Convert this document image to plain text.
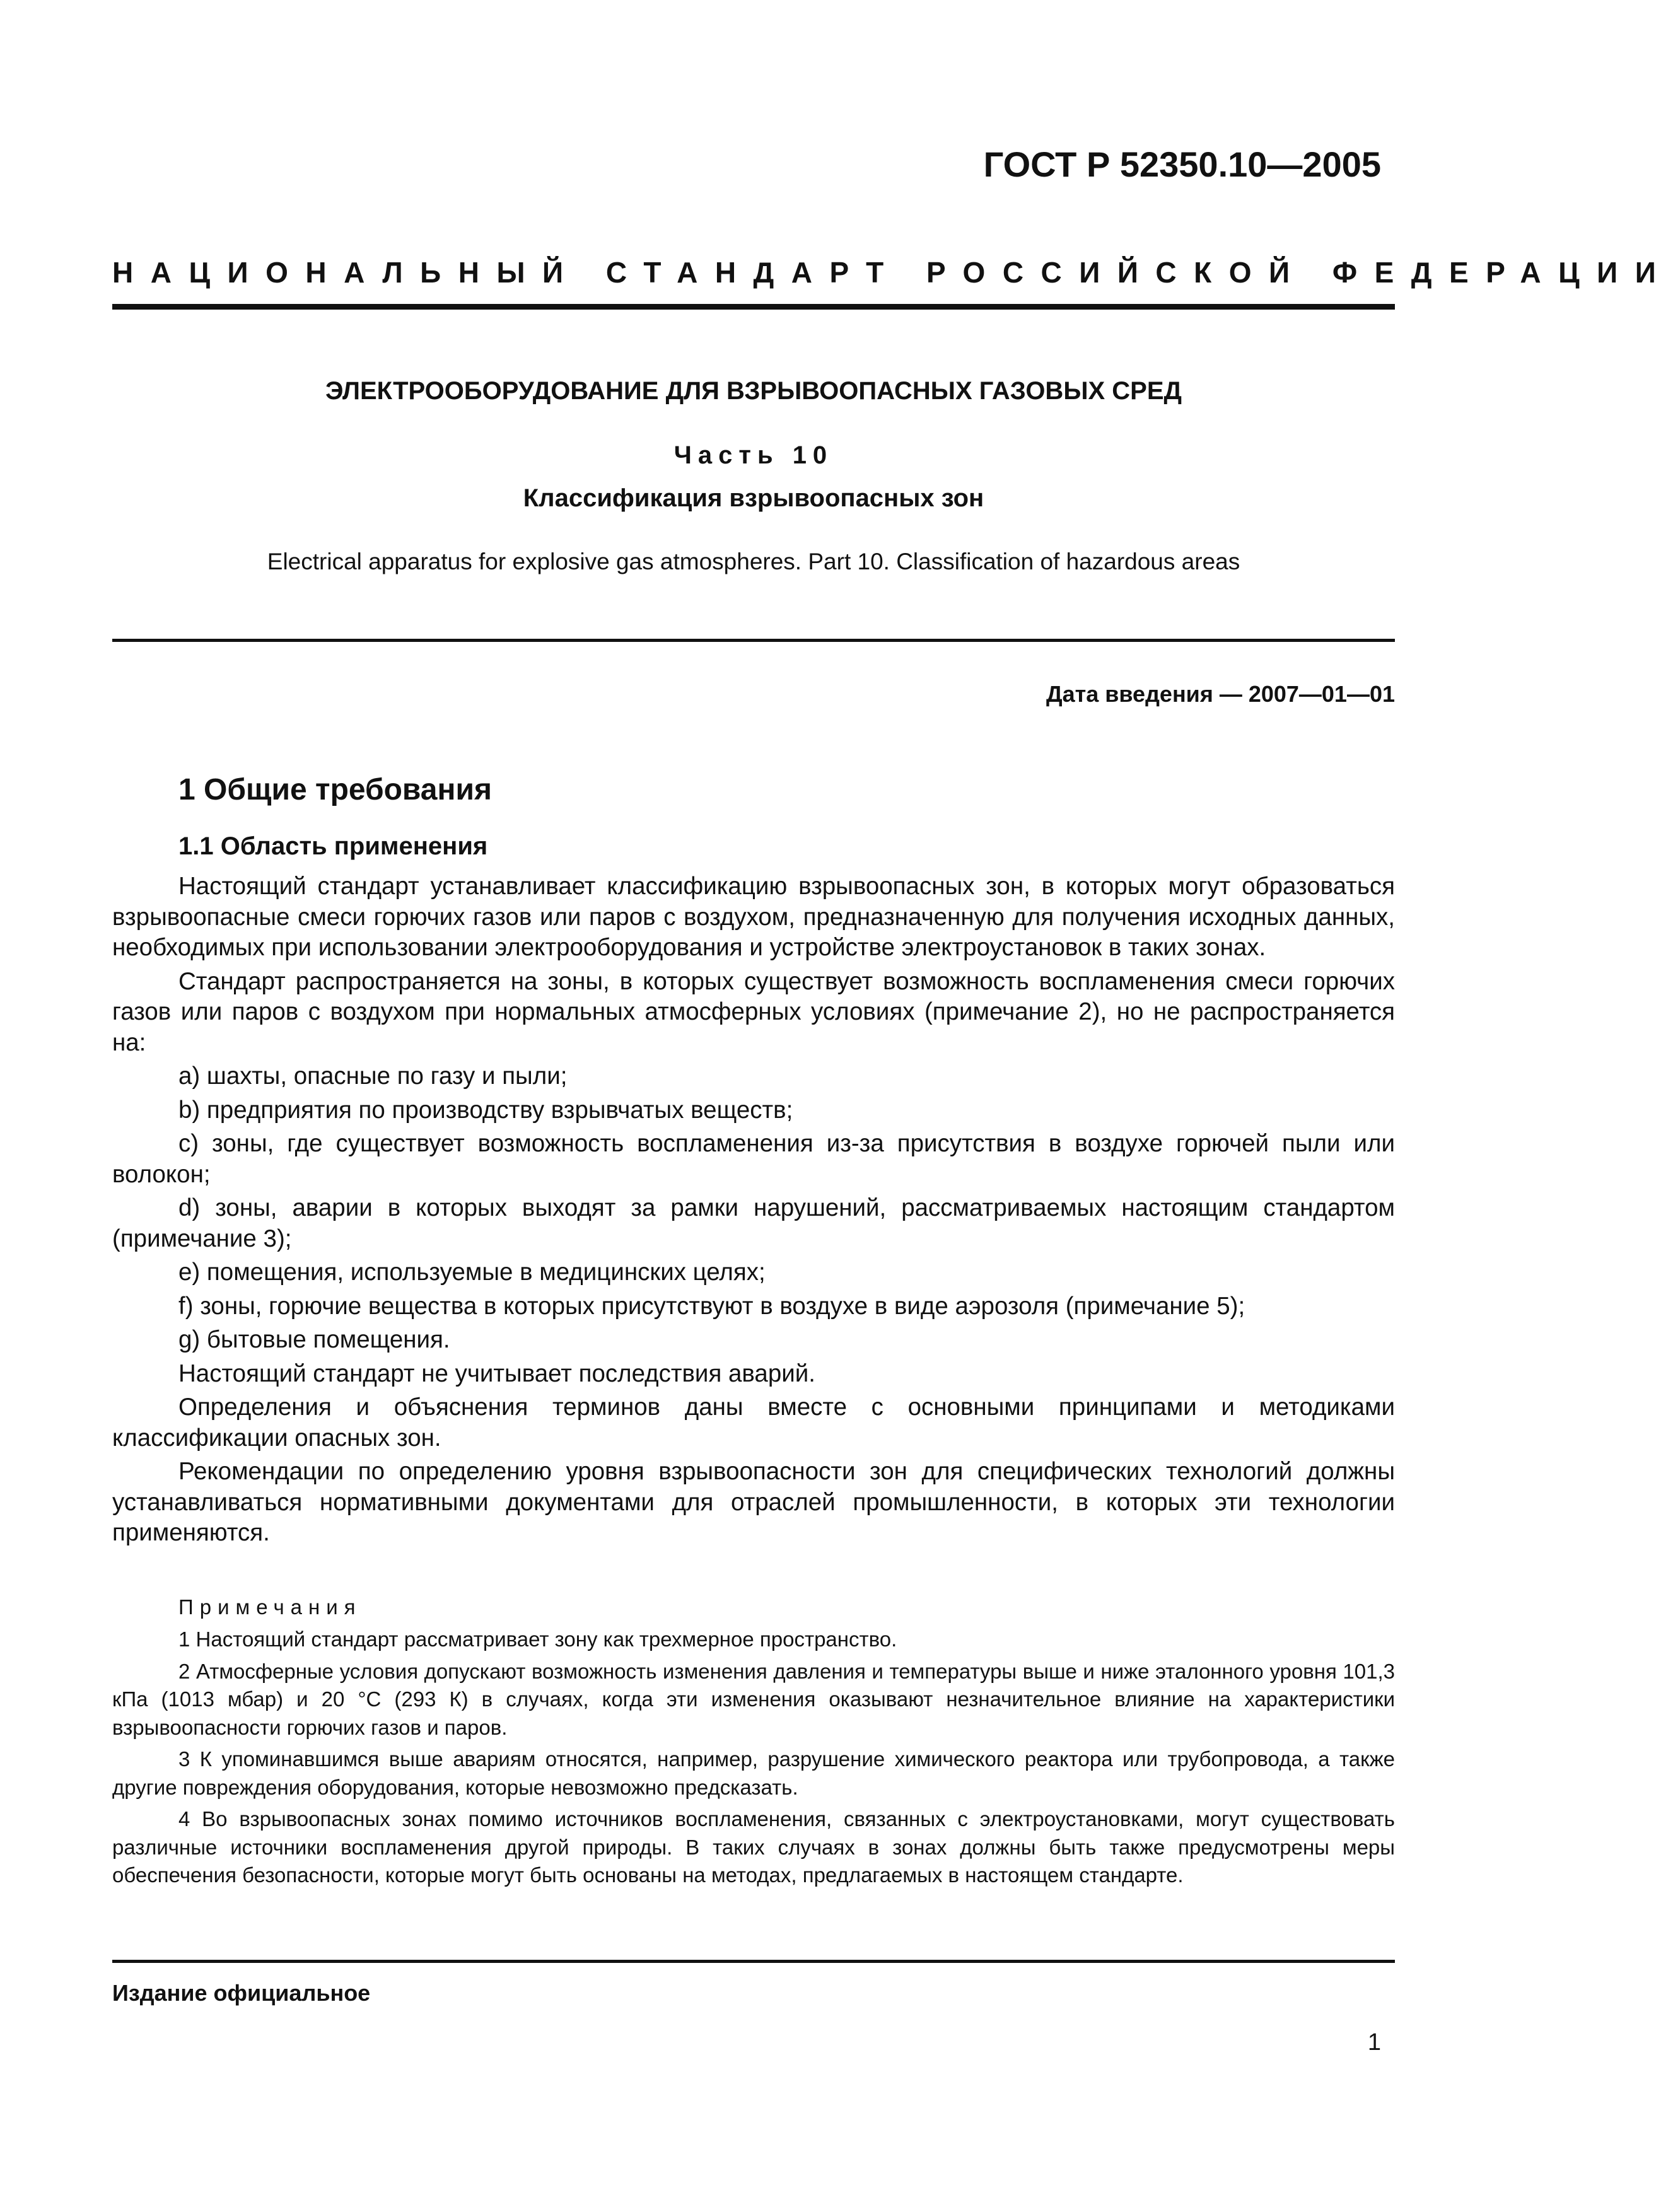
ГОСТ Р 52350.10—2005
НАЦИОНАЛЬНЫЙ СТАНДАРТ РОССИЙСКОЙ ФЕДЕРАЦИИ
ЭЛЕКТРООБОРУДОВАНИЕ ДЛЯ ВЗРЫВООПАСНЫХ ГАЗОВЫХ СРЕД
Часть 10
Классификация взрывоопасных зон
Electrical apparatus for explosive gas atmospheres. Part 10. Classification of hazardous areas
Дата введения — 2007—01—01
1 Общие требования
1.1 Область применения

Настоящий стандарт устанавливает классификацию взрывоопасных зон, в которых могут образоваться взрывоопасные смеси горючих газов или паров с воздухом, предназначенную для получения исходных данных, необходимых при использовании электрооборудования и устройстве электроустановок в таких зонах.

Стандарт распространяется на зоны, в которых существует возможность воспламенения смеси горючих газов или паров с воздухом при нормальных атмосферных условиях (примечание 2), но не распространяется на:

a) шахты, опасные по газу и пыли;

b) предприятия по производству взрывчатых веществ;

c) зоны, где существует возможность воспламенения из-за присутствия в воздухе горючей пыли или волокон;

d) зоны, аварии в которых выходят за рамки нарушений, рассматриваемых настоящим стандартом (примечание 3);

e) помещения, используемые в медицинских целях;

f) зоны, горючие вещества в которых присутствуют в воздухе в виде аэрозоля (примечание 5);

g) бытовые помещения.

Настоящий стандарт не учитывает последствия аварий.

Определения и объяснения терминов даны вместе с основными принципами и методиками классификации опасных зон.

Рекомендации по определению уровня взрывоопасности зон для специфических технологий должны устанавливаться нормативными документами для отраслей промышленности, в которых эти технологии применяются.

Примечания

1 Настоящий стандарт рассматривает зону как трехмерное пространство.

2 Атмосферные условия допускают возможность изменения давления и температуры выше и ниже эталонного уровня 101,3 кПа (1013 мбар) и 20 °С (293 К) в случаях, когда эти изменения оказывают незначительное влияние на характеристики взрывоопасности горючих газов и паров.

3 К упоминавшимся выше авариям относятся, например, разрушение химического реактора или трубопровода, а также другие повреждения оборудования, которые невозможно предсказать.

4 Во взрывоопасных зонах помимо источников воспламенения, связанных с электроустановками, могут существовать различные источники воспламенения другой природы. В таких случаях в зонах должны быть также предусмотрены меры обеспечения безопасности, которые могут быть основаны на методах, предлагаемых в настоящем стандарте.

Издание официальное
1
